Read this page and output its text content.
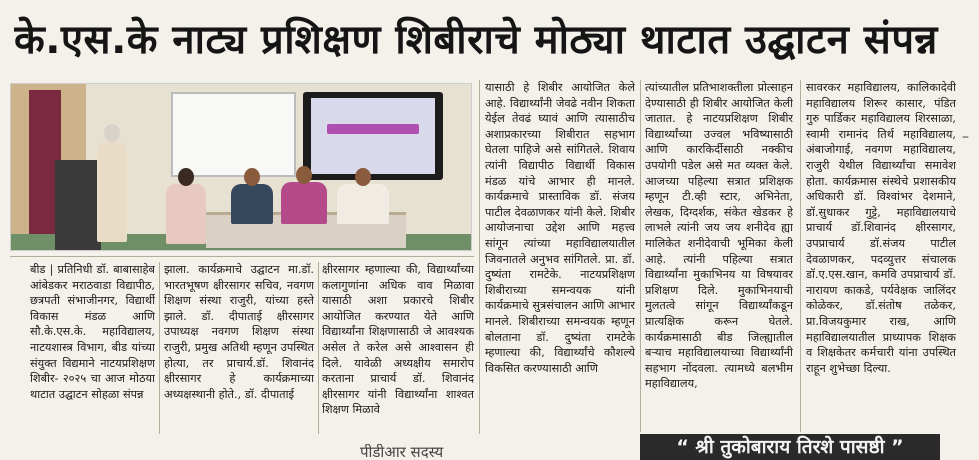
के.एस.के नाट्य प्रशिक्षण शिबीराचे मोठ्या थाटात उद्घाटन संपन्न

बीड | प्रतिनिधी डॉ. बाबासाहेब आंबेडकर मराठवाडा विद्यापीठ, छत्रपती संभाजीनगर, विद्यार्थी विकास मंडळ आणि सौ.के.एस.के. महाविद्यालय, नाटयशास्त्र विभाग, बीड यांच्या संयुक्त विद्यमाने नाटयप्रशिक्षण शिबीर- २०२५ चा आज मोठया थाटात उद्घाटन सोहळा संपन्न

झाला. कार्यक्रमाचे उद्घाटन मा.डॉ. भारतभूषण क्षीरसागर सचिव, नवगण शिक्षण संस्था राजुरी, यांच्या हस्ते झाले. डॉ. दीपाताई क्षीरसागर उपाध्यक्ष नवगण शिक्षण संस्था राजुरी, प्रमुख अतिथी म्हणून उपस्थित होत्या, तर प्राचार्य.डॉ. शिवानंद क्षीरसागर हे कार्यक्रमाच्या अध्यक्षस्थानी होते., डॉ. दीपाताई

क्षीरसागर म्हणाल्या की, विद्यार्थ्यांच्या कलागुणांना अधिक वाव मिळावा यासाठी अशा प्रकारचे शिबीर आयोजित करण्यात येते आणि विद्यार्थ्यांना शिक्षणासाठी जे आवश्यक असेल ते करेल असे आश्वासन ही दिले. यावेळी अध्यक्षीय समारोप करताना प्राचार्य डॉ. शिवानंद क्षीरसागर यांनी विद्यार्थ्यांना शाश्वत शिक्षण मिळावे

यासाठी हे शिबीर आयोजित केले आहे. विद्यार्थ्यांनी जेवढे नवीन शिकता येईल तेवढं घ्यावं आणि त्यासाठीच अशाप्रकारच्या शिबीरात सहभाग घेतला पाहिजे असे सांगितले. शिवाय त्यांनी विद्यापीठ विद्यार्थी विकास मंडळ यांचे आभार ही मानले. कार्यक्रमाचे प्रास्ताविक डॉ. संजय पाटील देवळाणकर यांनी केले. शिबीर आयोजनाचा उद्देश आणि महत्त्व सांगून त्यांच्या महाविद्यालयातील जिवनातले अनुभव सांगितले. प्रा. डॉ. दुष्यंता रामटेके. नाटयप्रशिक्षण शिबीराच्या समन्वयक यांनी कार्यक्रमाचे सुत्रसंचालन आणि आभार मानले. शिबीराच्या समन्वयक म्हणून बोलताना डॉ. दुष्यंता रामटेके म्हणाल्या की, विद्यार्थ्यांचे कौशल्ये विकसित करण्यासाठी आणि

त्यांच्यातील प्रतिभाशक्तीला प्रोत्साहन देण्यासाठी ही शिबीर आयोजित केली जातात. हे नाटयप्रशिक्षण शिबीर विद्यार्थ्यांच्या उज्वल भविष्यासाठी आणि कारकिर्दीसाठी नक्कीच उपयोगी पडेल असे मत व्यक्त केले. आजच्या पहिल्या सत्रात प्रशिक्षक म्हणून टी.व्ही स्टार, अभिनेता, लेखक, दिग्दर्शक, संकेत खेडकर हे लाभले त्यांनी जय जय शनीदेव ह्या मालिकेत शनीदेवाची भूमिका केली आहे. त्यांनी पहिल्या सत्रात विद्यार्थ्यांना मुकाभिनय या विषयावर प्रशिक्षण दिले. मुकाभिनयाची मुलतत्वे सांगून विद्यार्थ्यांकडून प्रात्यक्षिक करून घेतले. कार्यक्रमासाठी बीड जिल्ह्यातील बऱ्याच महाविद्यालयाच्या विद्यार्थ्यांनी सहभाग नोंदवला. त्यामध्ये बलभीम महाविद्यालय,

सावरकर महाविद्यालय, कालिकादेवी महाविद्यालय शिरूर कासार, पंडित गुरु पार्डिकर महाविद्यालय शिरसाळा, स्वामी रामानंद तिर्थ महाविद्यालय, अंबाजोगाई, नवगण महाविद्यालय, राजुरी येथील विद्यार्थ्यांचा समावेश होता. कार्यक्रमास संस्थेचे प्रशासकीय अधिकारी डॉ. विश्वांभर देशमाने, डॉ.सुधाकर गुट्टे, महाविद्यालयाचे प्राचार्य डॉ.शिवानंद क्षीरसागर, उपप्राचार्य डॉ.संजय पाटील देवळाणकर, पदव्युत्तर संचालक डॉ.ए.एस.खान, कमवि उपप्राचार्य डॉ. नारायण काकडे, पर्यवेक्षक जालिंदर कोळेकर, डॉ.संतोष तळेकर, प्रा.विजयकुमार राख, आणि महाविद्यालयातील प्राध्यापक शिक्षक व शिक्षकेतर कर्मचारी यांना उपस्थित राहून शुभेच्छा दिल्या.

–
पीडीआर सदस्य	“ श्री तुकोबाराय तिरशे पासष्ठी ”
